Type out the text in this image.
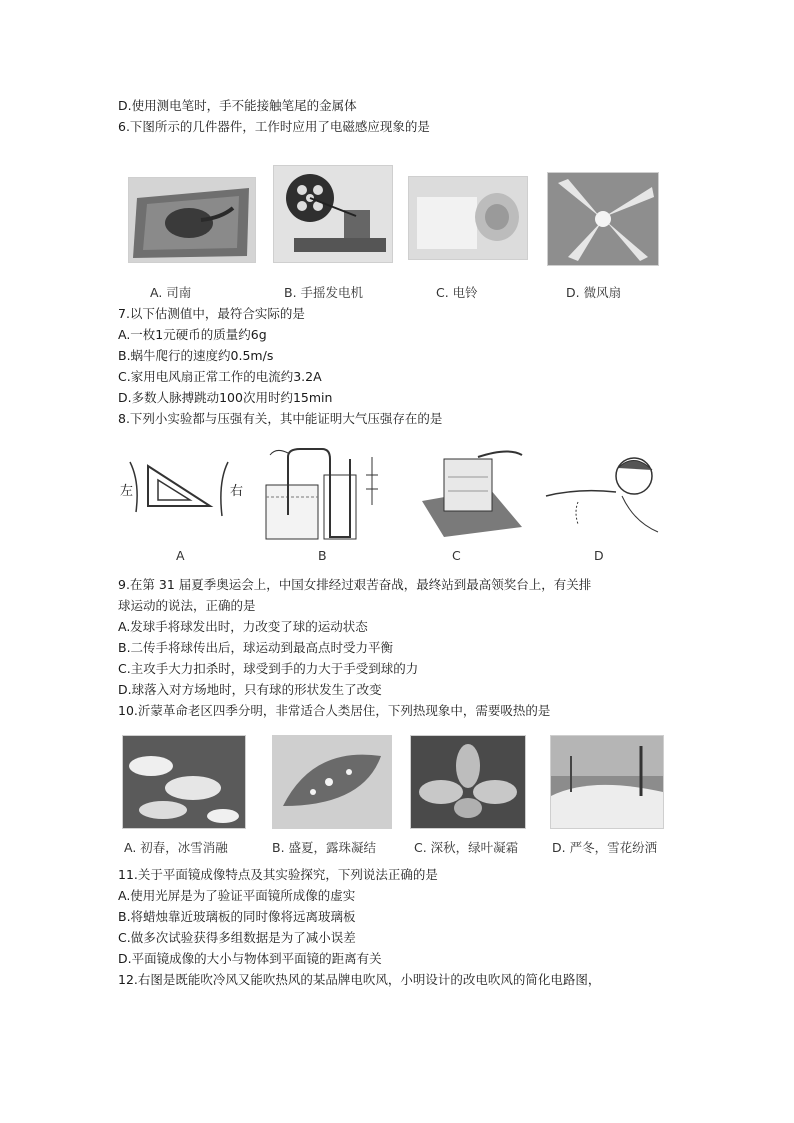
D.使用测电笔时，手不能接触笔尾的金属体
6.下图所示的几件器件，工作时应用了电磁感应现象的是
A. 司南	B. 手摇发电机	C. 电铃	D. 微风扇
7.以下估测值中，最符合实际的是
A.一枚1元硬币的质量约6g
B.蜗牛爬行的速度约0.5m/s
C.家用电风扇正常工作的电流约3.2A
D.多数人脉搏跳动100次用时约15min
8.下列小实验都与压强有关，其中能证明大气压强存在的是
左	右
A	B	C	D
9.在第 31 届夏季奥运会上，中国女排经过艰苦奋战，最终站到最高领奖台上，有关排
球运动的说法，正确的是
A.发球手将球发出时，力改变了球的运动状态
B.二传手将球传出后，球运动到最高点时受力平衡
C.主攻手大力扣杀时，球受到手的力大于手受到球的力
D.球落入对方场地时，只有球的形状发生了改变
10.沂蒙革命老区四季分明，非常适合人类居住，下列热现象中，需要吸热的是
A. 初春，冰雪消融	B. 盛夏，露珠凝结	C. 深秋，绿叶凝霜	D. 严冬，雪花纷洒
11.关于平面镜成像特点及其实验探究，下列说法正确的是
A.使用光屏是为了验证平面镜所成像的虚实
B.将蜡烛靠近玻璃板的同时像将远离玻璃板
C.做多次试验获得多组数据是为了减小误差
D.平面镜成像的大小与物体到平面镜的距离有关
12.右图是既能吹冷风又能吹热风的某品牌电吹风，小明设计的改电吹风的简化电路图，
